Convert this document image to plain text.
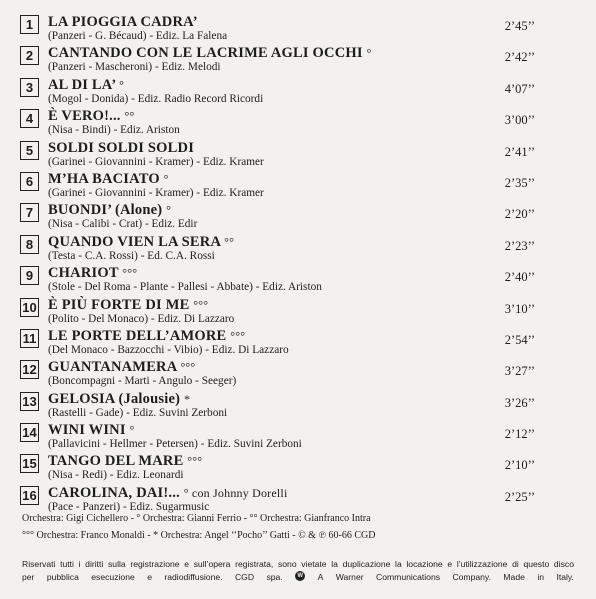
1	LA PIOGGIA CADRA’
(Panzeri - G. Bécaud) - Ediz. La Falena
2’45’’
2	CANTANDO CON LE LACRIME AGLI OCCHI °
(Panzeri - Mascheroni) - Ediz. Melodi
2’42’’
3	AL DI LA’ °
(Mogol - Donida) - Ediz. Radio Record Ricordi
4’07’’
4	È VERO!... °°
(Nisa - Bindi) - Ediz. Ariston
3’00’’
5	SOLDI SOLDI SOLDI
(Garinei - Giovannini - Kramer) - Ediz. Kramer
2’41’’
6	M’HA BACIATO °
(Garinei - Giovannini - Kramer) - Ediz. Kramer
2’35’’
7	BUONDI’ (Alone) °
(Nisa - Calibi - Crat) - Ediz. Edir
2’20’’
8	QUANDO VIEN LA SERA °°
(Testa - C.A. Rossi) - Ed. C.A. Rossi
2’23’’
9	CHARIOT °°°
(Stole - Del Roma - Plante - Pallesi - Abbate) - Ediz. Ariston
2’40’’
10 È PIÙ FORTE DI ME °°°
(Polito - Del Monaco) - Ediz. Di Lazzaro
3’10’’
11 LE PORTE DELL’AMORE °°°
(Del Monaco - Bazzocchi - Vibio) - Ediz. Di Lazzaro
2’54’’
12 GUANTANAMERA °°°
(Boncompagni - Marti - Angulo - Seeger)
3’27’’
13 GELOSIA (Jalousie) *
(Rastelli - Gade) - Ediz. Suvini Zerboni
3’26’’
14 WINI WINI °
(Pallavicini - Hellmer - Petersen) - Ediz. Suvini Zerboni
2’12’’
15 TANGO DEL MARE °°°
(Nisa - Redi) - Ediz. Leonardi
2’10’’
16 CAROLINA, DAI!... ° con Johnny Dorelli
(Pace - Panzeri) - Ediz. Sugarmusic
2’25’’
Orchestra: Gigi Cichellero - ° Orchestra: Gianni Ferrio - °° Orchestra: Gianfranco Intra
°°° Orchestra: Franco Monaldi - * Orchestra: Angel ‘‘Pocho’’ Gatti - © & ℗ 60-66 CGD
Riservati tutti i diritti sulla registrazione e sull’opera registrata, sono vietate la duplicazione la locazione e l’utilizzazione di questo disco
per pubblica esecuzione e radiodiffusione. CGD spa.	W A Warner Communications Company. Made in Italy.
